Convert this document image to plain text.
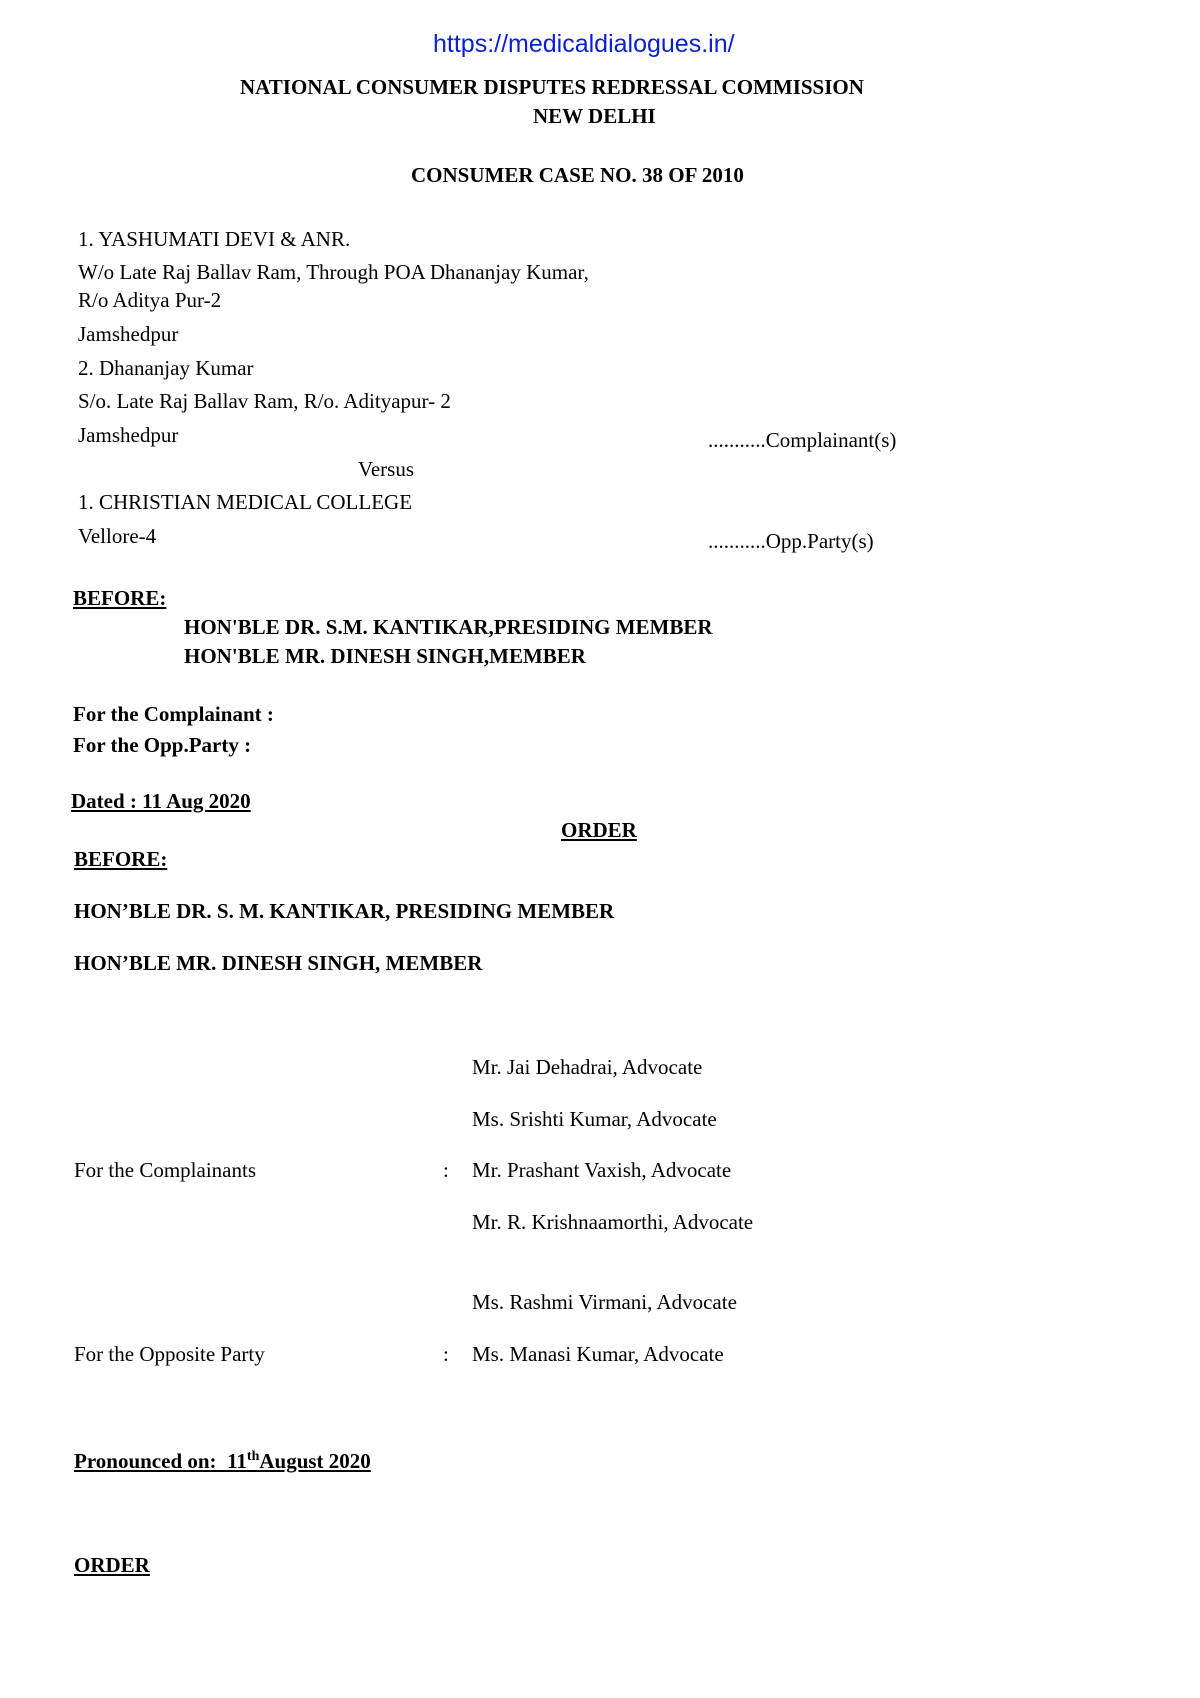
https://medicaldialogues.in/
NATIONAL CONSUMER DISPUTES REDRESSAL COMMISSION
NEW DELHI
CONSUMER CASE NO. 38 OF 2010
1. YASHUMATI DEVI & ANR.
W/o Late Raj Ballav Ram, Through POA Dhananjay Kumar,
R/o Aditya Pur-2
Jamshedpur
2. Dhananjay Kumar
S/o. Late Raj Ballav Ram, R/o. Adityapur- 2
Jamshedpur	...........Complainant(s)
Versus
1. CHRISTIAN MEDICAL COLLEGE
Vellore-4	...........Opp.Party(s)
BEFORE:
HON'BLE DR. S.M. KANTIKAR,PRESIDING MEMBER
HON'BLE MR. DINESH SINGH,MEMBER
For the Complainant :
For the Opp.Party :
Dated : 11 Aug 2020
ORDER
BEFORE:
HON’BLE DR. S. M. KANTIKAR, PRESIDING MEMBER
HON’BLE MR. DINESH SINGH, MEMBER
Mr. Jai Dehadrai, Advocate
Ms. Srishti Kumar, Advocate
For the Complainants	: Mr. Prashant Vaxish, Advocate
Mr. R. Krishnaamorthi, Advocate
Ms. Rashmi Virmani, Advocate
For the Opposite Party	: Ms. Manasi Kumar, Advocate
Pronounced on: 11thAugust 2020
ORDER
